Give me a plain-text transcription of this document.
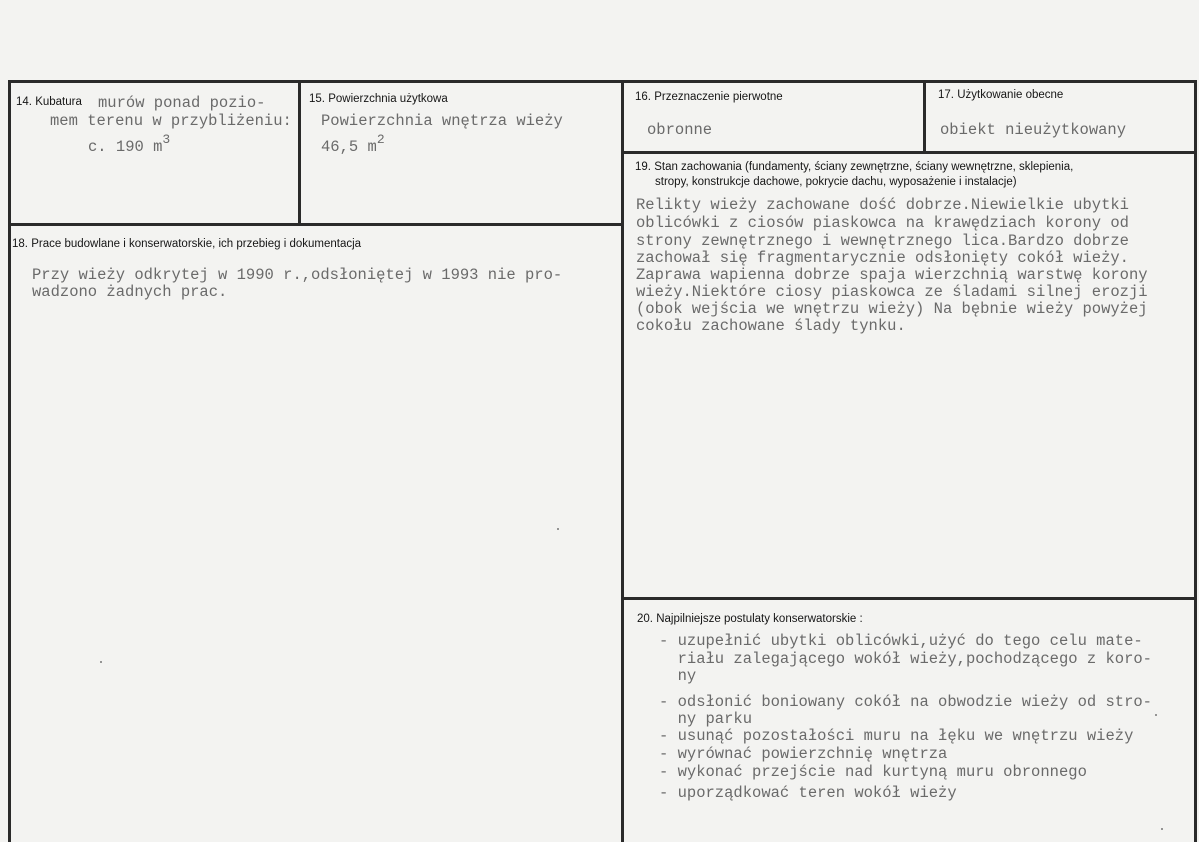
14. Kubatura murów ponad pozio-
mem terenu w przybliżeniu:
c. 190 $m^3$
15. Powierzchnia użytkowa
Powierzchnia wnętrza wieży
46,5 $m^2$
16. Przeznaczenie pierwotne
obronne
17. Użytkowanie obecne
obiekt nieużytkowany
18. Prace budowlane i konserwatorskie, ich przebieg i dokumentacja
Przy wieży odkrytej w 1990 r.,odsłoniętej w 1993 nie pro-
wadzono żadnych prac.
19. Stan zachowania (fundamenty, ściany zewnętrzne, ściany wewnętrzne, sklepienia,
stropy, konstrukcje dachowe, pokrycie dachu, wyposażenie i instalacje)
Relikty wieży zachowane dość dobrze.Niewielkie ubytki
oblicówki z ciosów piaskowca na krawędziach korony od
strony zewnętrznego i wewnętrznego lica.Bardzo dobrze
zachował się fragmentarycznie odsłonięty cokół wieży.
Zaprawa wapienna dobrze spaja wierzchnią warstwę korony
wieży.Niektóre ciosy piaskowca ze śladami silnej erozji
(obok wejścia we wnętrzu wieży) Na bębnie wieży powyżej
cokołu zachowane ślady tynku.
20. Najpilniejsze postulaty konserwatorskie :
- uzupełnić ubytki oblicówki,użyć do tego celu mate-
riału zalegającego wokół wieży,pochodzącego z koro-
ny
- odsłonić boniowany cokół na obwodzie wieży od stro-
ny parku
- usunąć pozostałości muru na łęku we wnętrzu wieży
- wyrównać powierzchnię wnętrza
- wykonać przejście nad kurtyną muru obronnego
- uporządkować teren wokół wieży
